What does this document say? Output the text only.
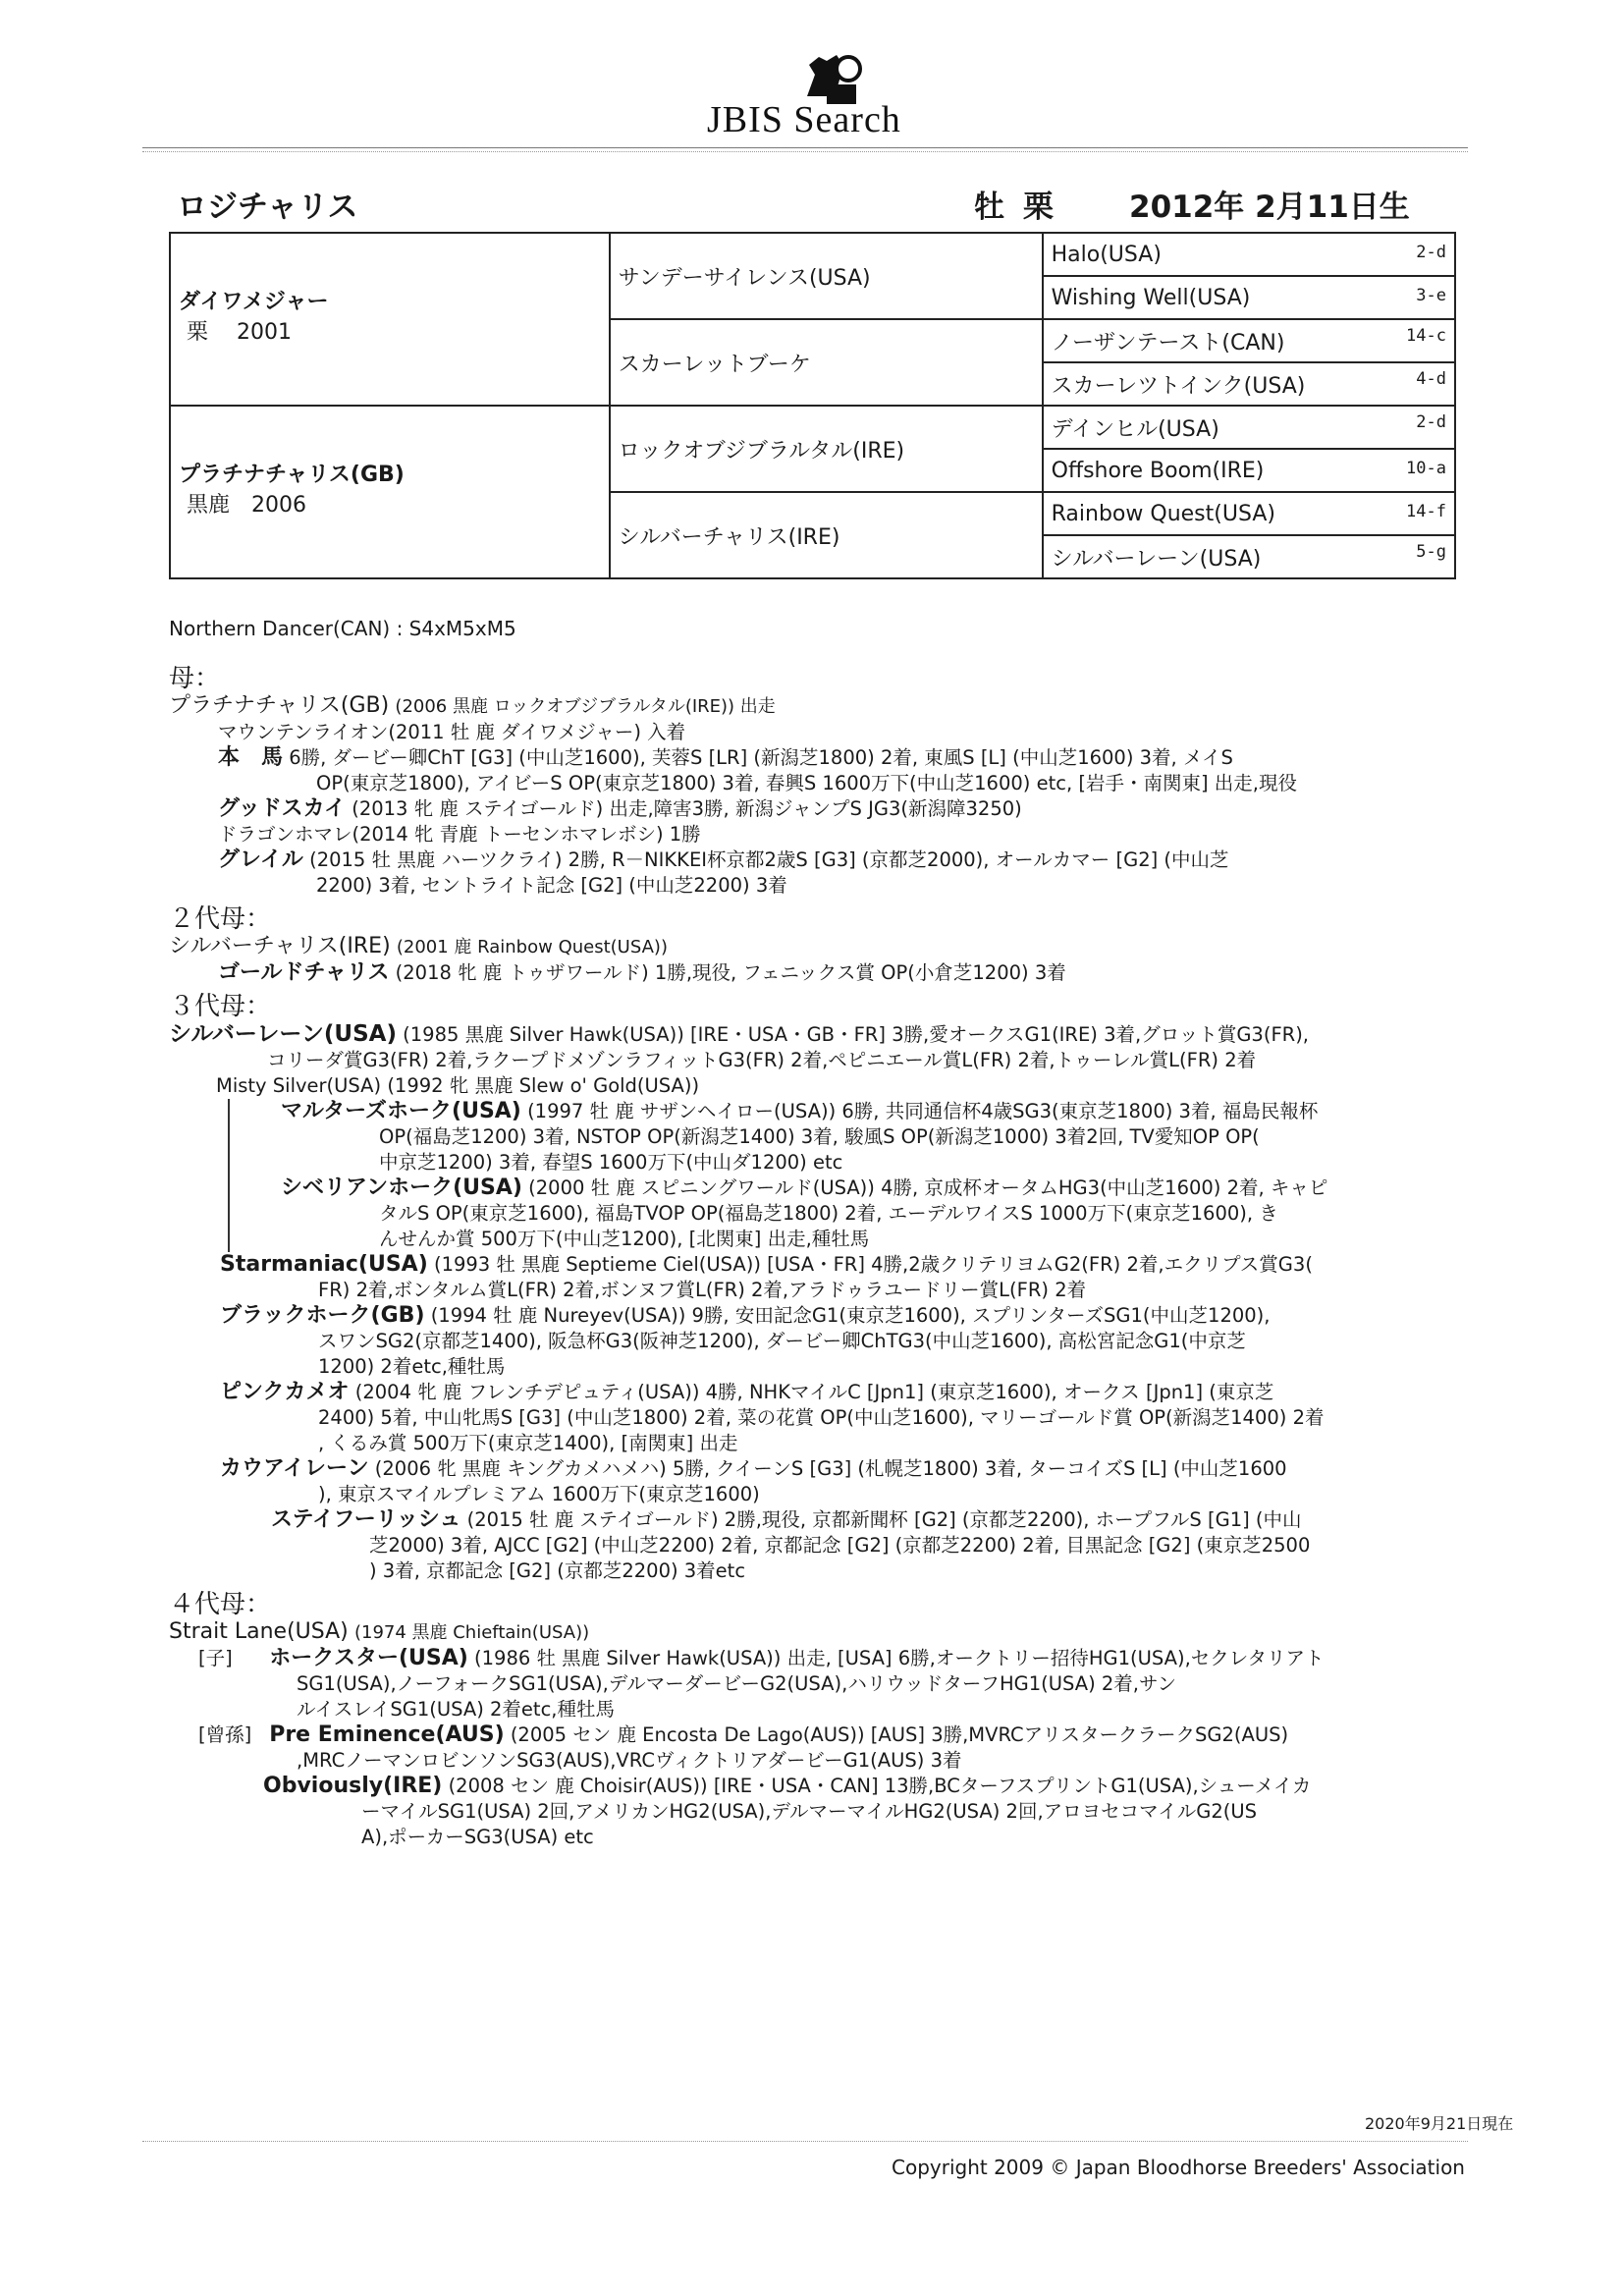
JBIS Search
ロジチャリス	牡 栗 2012年 2月11日生
ダイワメジャー
栗　 2001	サンデーサイレンス(USA)	Halo(USA) 2-d

		Wishing Well(USA) 3-e

	スカーレットブーケ	ノーザンテースト(CAN) 14-c

		スカーレツトインク(USA) 4-d

プラチナチャリス(GB)
黒鹿　2006	ロックオブジブラルタル(IRE)	デインヒル(USA) 2-d

		Offshore Boom(IRE) 10-a

	シルバーチャリス(IRE)	Rainbow Quest(USA) 14-f

		シルバーレーン(USA) 5-g
Northern Dancer(CAN) : S4xM5xM5
母：
プラチナチャリス(GB) (2006 黒鹿 ロックオブジブラルタル(IRE)) 出走
マウンテンライオン(2011 牡 鹿 ダイワメジャー) 入着
本　馬 6勝, ダービー卿ChT [G3] (中山芝1600), 芙蓉S [LR] (新潟芝1800) 2着, 東風S [L] (中山芝1600) 3着, メイS
OP(東京芝1800), アイビーS OP(東京芝1800) 3着, 春興S 1600万下(中山芝1600) etc, [岩手・南関東] 出走,現役
グッドスカイ (2013 牝 鹿 ステイゴールド) 出走,障害3勝, 新潟ジャンプS JG3(新潟障3250)
ドラゴンホマレ(2014 牝 青鹿 トーセンホマレボシ) 1勝
グレイル (2015 牡 黒鹿 ハーツクライ) 2勝, R－NIKKEI杯京都2歳S [G3] (京都芝2000), オールカマー [G2] (中山芝
2200) 3着, セントライト記念 [G2] (中山芝2200) 3着
２代母：
シルバーチャリス(IRE) (2001 鹿 Rainbow Quest(USA))
ゴールドチャリス (2018 牝 鹿 トゥザワールド) 1勝,現役, フェニックス賞 OP(小倉芝1200) 3着
３代母：
シルバーレーン(USA) (1985 黒鹿 Silver Hawk(USA)) [IRE・USA・GB・FR] 3勝,愛オークスG1(IRE) 3着,グロット賞G3(FR),
コリーダ賞G3(FR) 2着,ラクープドメゾンラフィットG3(FR) 2着,ペピニエール賞L(FR) 2着,トゥーレル賞L(FR) 2着
Misty Silver(USA) (1992 牝 黒鹿 Slew o' Gold(USA))
マルターズホーク(USA) (1997 牡 鹿 サザンヘイロー(USA)) 6勝, 共同通信杯4歳SG3(東京芝1800) 3着, 福島民報杯
OP(福島芝1200) 3着, NSTOP OP(新潟芝1400) 3着, 駿風S OP(新潟芝1000) 3着2回, TV愛知OP OP(
中京芝1200) 3着, 春望S 1600万下(中山ダ1200) etc
シベリアンホーク(USA) (2000 牡 鹿 スピニングワールド(USA)) 4勝, 京成杯オータムHG3(中山芝1600) 2着, キャピ
タルS OP(東京芝1600), 福島TVOP OP(福島芝1800) 2着, エーデルワイスS 1000万下(東京芝1600), き
んせんか賞 500万下(中山芝1200), [北関東] 出走,種牡馬
Starmaniac(USA) (1993 牡 黒鹿 Septieme Ciel(USA)) [USA・FR] 4勝,2歳クリテリヨムG2(FR) 2着,エクリプス賞G3(
FR) 2着,ボンタルム賞L(FR) 2着,ボンヌフ賞L(FR) 2着,アラドゥラユードリー賞L(FR) 2着
ブラックホーク(GB) (1994 牡 鹿 Nureyev(USA)) 9勝, 安田記念G1(東京芝1600), スプリンターズSG1(中山芝1200),
スワンSG2(京都芝1400), 阪急杯G3(阪神芝1200), ダービー卿ChTG3(中山芝1600), 高松宮記念G1(中京芝
1200) 2着etc,種牡馬
ピンクカメオ (2004 牝 鹿 フレンチデピュティ(USA)) 4勝, NHKマイルC [Jpn1] (東京芝1600), オークス [Jpn1] (東京芝
2400) 5着, 中山牝馬S [G3] (中山芝1800) 2着, 菜の花賞 OP(中山芝1600), マリーゴールド賞 OP(新潟芝1400) 2着
, くるみ賞 500万下(東京芝1400), [南関東] 出走
カウアイレーン (2006 牝 黒鹿 キングカメハメハ) 5勝, クイーンS [G3] (札幌芝1800) 3着, ターコイズS [L] (中山芝1600
), 東京スマイルプレミアム 1600万下(東京芝1600)
ステイフーリッシュ (2015 牡 鹿 ステイゴールド) 2勝,現役, 京都新聞杯 [G2] (京都芝2200), ホープフルS [G1] (中山
芝2000) 3着, AJCC [G2] (中山芝2200) 2着, 京都記念 [G2] (京都芝2200) 2着, 目黒記念 [G2] (東京芝2500
) 3着, 京都記念 [G2] (京都芝2200) 3着etc
４代母：
Strait Lane(USA) (1974 黒鹿 Chieftain(USA))
[子] ホークスター(USA) (1986 牡 黒鹿 Silver Hawk(USA)) 出走, [USA] 6勝,オークトリー招待HG1(USA),セクレタリアト
SG1(USA),ノーフォークSG1(USA),デルマーダービーG2(USA),ハリウッドターフHG1(USA) 2着,サン
ルイスレイSG1(USA) 2着etc,種牡馬
[曾孫] Pre Eminence(AUS) (2005 セン 鹿 Encosta De Lago(AUS)) [AUS] 3勝,MVRCアリスタークラークSG2(AUS)
,MRCノーマンロビンソンSG3(AUS),VRCヴィクトリアダービーG1(AUS) 3着
Obviously(IRE) (2008 セン 鹿 Choisir(AUS)) [IRE・USA・CAN] 13勝,BCターフスプリントG1(USA),シューメイカ
ーマイルSG1(USA) 2回,アメリカンHG2(USA),デルマーマイルHG2(USA) 2回,アロヨセコマイルG2(US
A),ポーカーSG3(USA) etc
2020年9月21日現在
Copyright 2009 © Japan Bloodhorse Breeders' Association
